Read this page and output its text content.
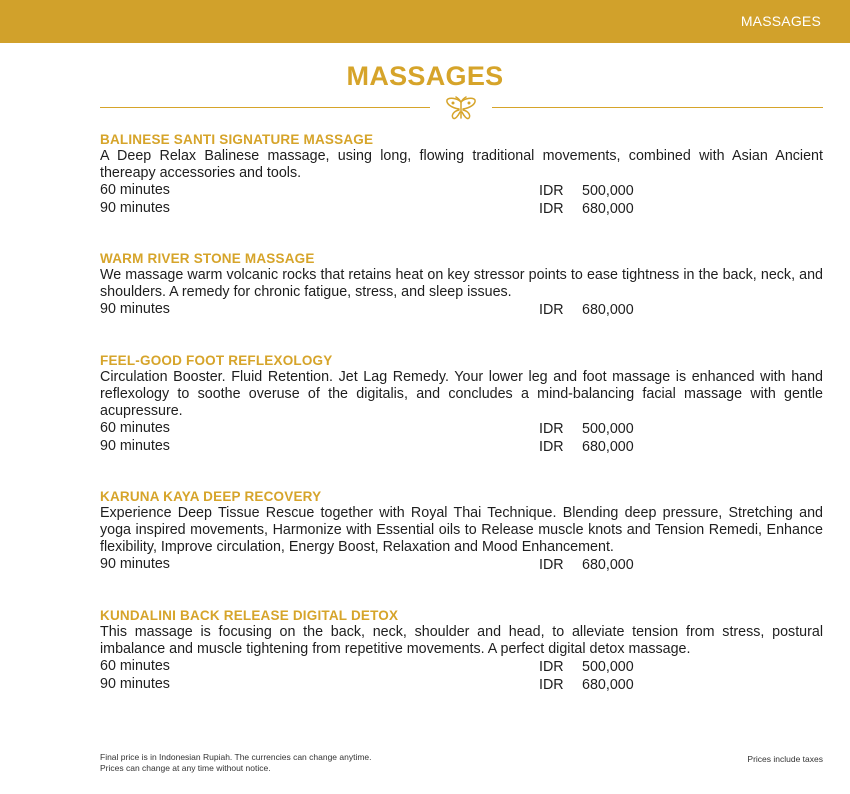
MASSAGES
MASSAGES
BALINESE SANTI SIGNATURE MASSAGE

A Deep Relax Balinese massage, using long, flowing traditional movements, combined with Asian Ancient thereapy accessories and tools.

60 minutes	IDR 500,000
90 minutes	IDR 680,000
WARM RIVER STONE MASSAGE

We massage warm volcanic rocks that retains heat on key stressor points to ease tightness in the back, neck, and shoulders. A remedy for chronic fatigue, stress, and sleep issues.

90 minutes	IDR 680,000
FEEL-GOOD FOOT REFLEXOLOGY

Circulation Booster. Fluid Retention. Jet Lag Remedy. Your lower leg and foot massage is enhanced with hand reflexology to soothe overuse of the digitalis, and concludes a mind-balancing facial massage with gentle acupressure.

60 minutes	IDR 500,000
90 minutes	IDR 680,000
KARUNA KAYA DEEP RECOVERY

Experience Deep Tissue Rescue together with Royal Thai Technique. Blending deep pressure, Stretching and yoga inspired movements, Harmonize with Essential oils to Release muscle knots and Tension Remedi, Enhance flexibility, Improve circulation, Energy Boost, Relaxation and Mood Enhancement.

90 minutes	IDR 680,000
KUNDALINI BACK RELEASE DIGITAL DETOX

This massage is focusing on the back, neck, shoulder and head, to alleviate tension from stress, postural imbalance and muscle tightening from repetitive movements. A perfect digital detox massage.

60 minutes	IDR 500,000
90 minutes	IDR 680,000
Final price is in Indonesian Rupiah. The currencies can change anytime.
Prices can change at any time without notice.
Prices include taxes
